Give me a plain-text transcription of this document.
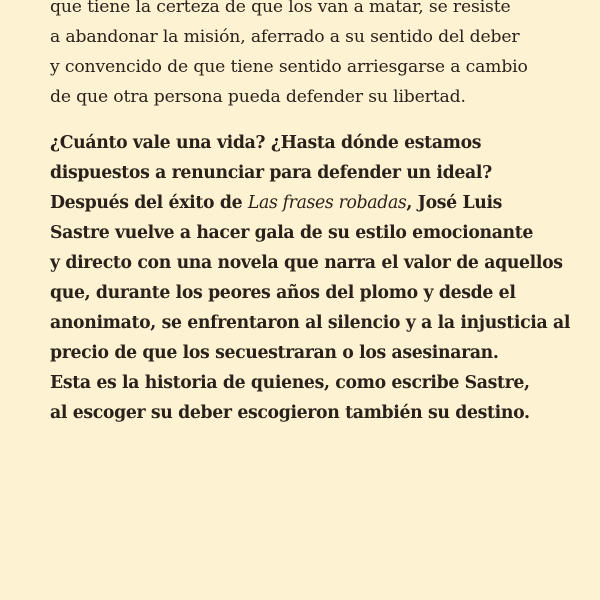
que tiene la certeza de que los van a matar, se resiste
a abandonar la misión, aferrado a su sentido del deber
y convencido de que tiene sentido arriesgarse a cambio
de que otra persona pueda defender su libertad.
¿Cuánto vale una vida? ¿Hasta dónde estamos
dispuestos a renunciar para defender un ideal?
Después del éxito de Las frases robadas, José Luis
Sastre vuelve a hacer gala de su estilo emocionante
y directo con una novela que narra el valor de aquellos
que, durante los peores años del plomo y desde el
anonimato, se enfrentaron al silencio y a la injusticia al
precio de que los secuestraran o los asesinaran.
Esta es la historia de quienes, como escribe Sastre,
al escoger su deber escogieron también su destino.
